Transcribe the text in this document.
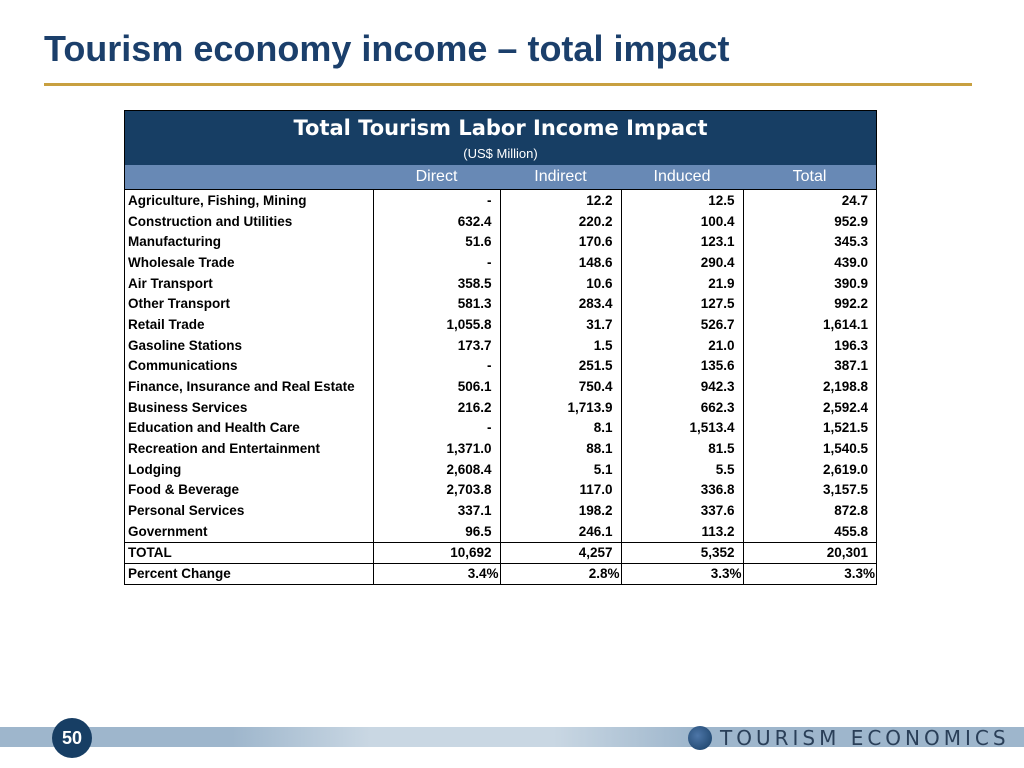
Tourism economy income – total impact
Total Tourism Labor Income Impact
(US$ Million)
	Direct	Indirect	Induced	Total
Agriculture, Fishing, Mining	-	12.2	12.5	24.7
Construction and Utilities	632.4	220.2	100.4	952.9
Manufacturing	51.6	170.6	123.1	345.3
Wholesale Trade	-	148.6	290.4	439.0
Air Transport	358.5	10.6	21.9	390.9
Other Transport	581.3	283.4	127.5	992.2
Retail Trade	1,055.8	31.7	526.7	1,614.1
Gasoline Stations	173.7	1.5	21.0	196.3
Communications	-	251.5	135.6	387.1
Finance, Insurance and Real Estate	506.1	750.4	942.3	2,198.8
Business Services	216.2	1,713.9	662.3	2,592.4
Education and Health Care	-	8.1	1,513.4	1,521.5
Recreation and Entertainment	1,371.0	88.1	81.5	1,540.5
Lodging	2,608.4	5.1	5.5	2,619.0
Food & Beverage	2,703.8	117.0	336.8	3,157.5
Personal Services	337.1	198.2	337.6	872.8
Government	96.5	246.1	113.2	455.8
TOTAL	10,692	4,257	5,352	20,301
Percent Change	3.4%	2.8%	3.3%	3.3%
50	TOURISM ECONOMICS
